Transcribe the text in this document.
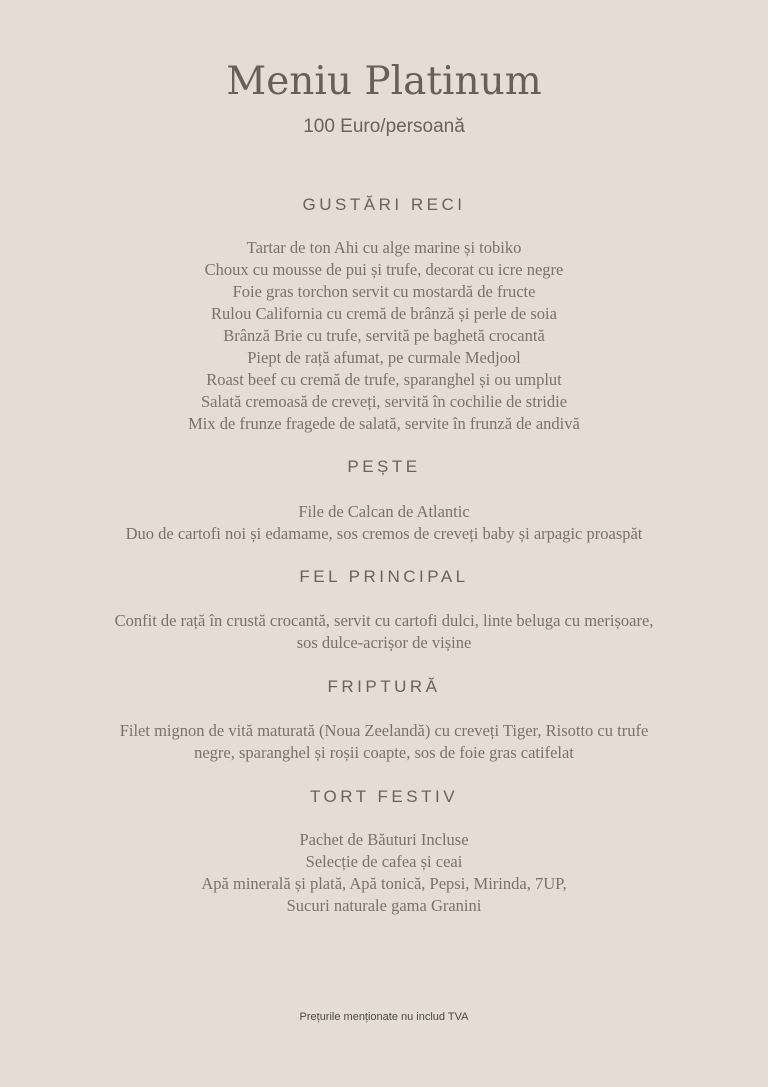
Meniu Platinum
100 Euro/persoană
GUSTĂRI RECI
Tartar de ton Ahi cu alge marine și tobiko
Choux cu mousse de pui și trufe, decorat cu icre negre
Foie gras torchon servit cu mostardă de fructe
Rulou California cu cremă de brânză și perle de soia
Brânză Brie cu trufe, servită pe baghetă crocantă
Piept de rață afumat, pe curmale Medjool
Roast beef cu cremă de trufe, sparanghel și ou umplut
Salată cremoasă de creveți, servită în cochilie de stridie
Mix de frunze fragede de salată, servite în frunză de andivă
PEȘTE
File de Calcan de Atlantic
Duo de cartofi noi și edamame, sos cremos de creveți baby și arpagic proaspăt
FEL PRINCIPAL
Confit de rață în crustă crocantă, servit cu cartofi dulci, linte beluga cu merișoare,
sos dulce-acrișor de vișine
FRIPTURĂ
Filet mignon de vită maturată (Noua Zeelandă) cu creveți Tiger, Risotto cu trufe
negre, sparanghel și roșii coapte, sos de foie gras catifelat
TORT FESTIV
Pachet de Băuturi Incluse
Selecție de cafea și ceai
Apă minerală și plată, Apă tonică, Pepsi, Mirinda, 7UP,
Sucuri naturale gama Granini
Prețurile menționate nu includ TVA
